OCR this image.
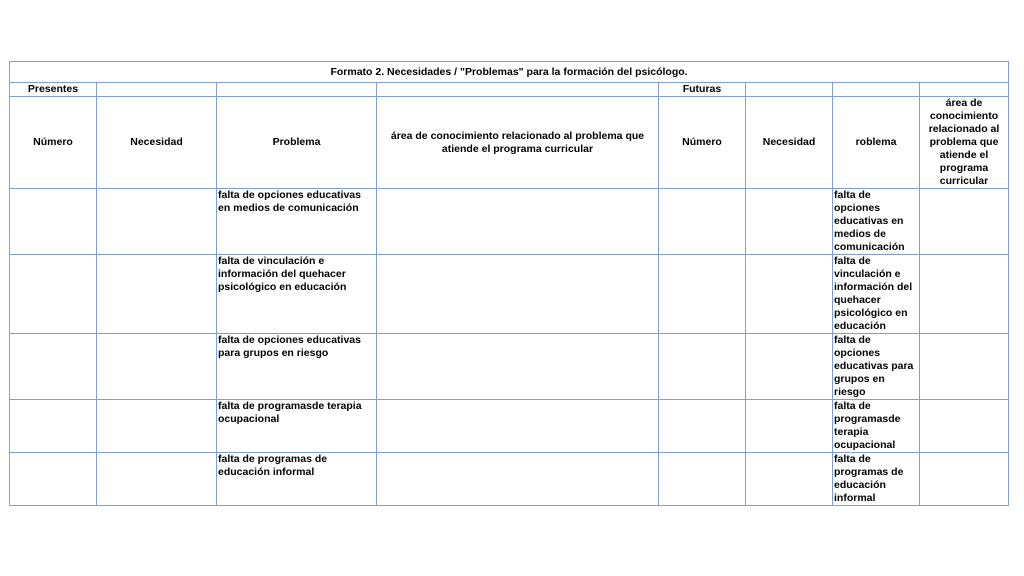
Formato 2. Necesidades / "Problemas" para la formación del psicólogo.							
Presentes				Futuras			
Número	Necesidad	Problema	área de conocimiento relacionado al problema que atiende el programa curricular	Número	Necesidad	roblema	área de conocimiento relacionado al problema que atiende el programa curricular
		falta de opciones educativas en medios de comunicación				falta de opciones educativas en medios de comunicación	
		falta de vinculación e información del quehacer psicológico en educación				falta de vinculación e información del quehacer psicológico en educación	
		falta de opciones educativas para grupos en riesgo				falta de opciones educativas para grupos en riesgo	
		falta de programasde terapia ocupacional				falta de programasde terapia ocupacional	
		falta de programas de educación informal				falta de programas de educación informal	
